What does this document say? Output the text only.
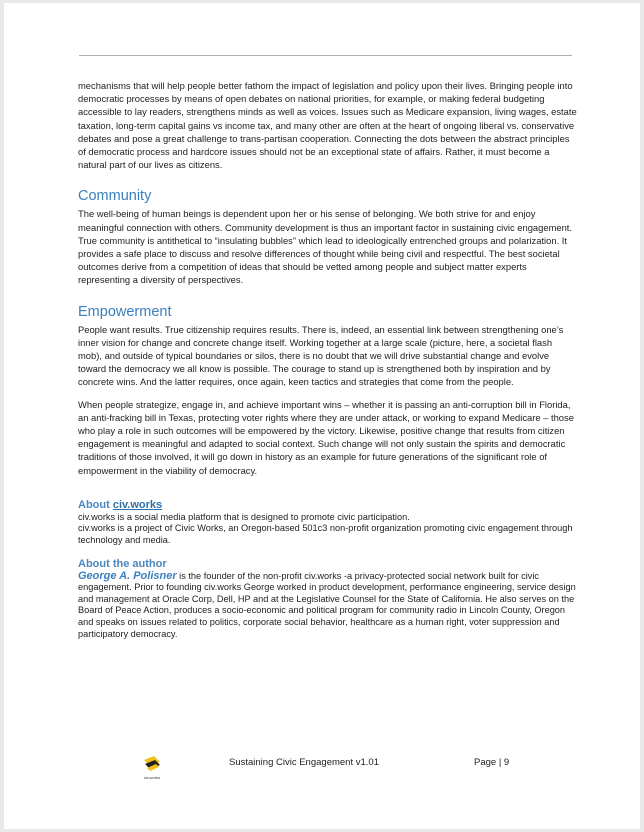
mechanisms that will help people better fathom the impact of legislation and policy upon their lives. Bringing people into democratic processes by means of open debates on national priorities, for example, or making federal budgeting accessible to lay readers, strengthens minds as well as voices. Issues such as Medicare expansion, living wages, estate taxation, long-term capital gains vs income tax, and many other are often at the heart of ongoing liberal vs. conservative debates and pose a great challenge to trans-partisan cooperation. Connecting the dots between the abstract principles of democratic process and hardcore issues should not be an exceptional state of affairs. Rather, it must become a natural part of our lives as citizens.

Community

The well-being of human beings is dependent upon her or his sense of belonging. We both strive for and enjoy meaningful connection with others. Community development is thus an important factor in sustaining civic engagement. True community is antithetical to “insulating bubbles” which lead to ideologically entrenched groups and polarization. It provides a safe place to discuss and resolve differences of thought while being civil and respectful. The best societal outcomes derive from a competition of ideas that should be vetted among people and subject matter experts representing a diversity of perspectives.

Empowerment

People want results. True citizenship requires results. There is, indeed, an essential link between strengthening one’s inner vision for change and concrete change itself. Working together at a large scale (picture, here, a societal flash mob), and outside of typical boundaries or silos, there is no doubt that we will drive substantial change and evolve toward the democracy we all know is possible. The courage to stand up is strengthened both by inspiration and by concrete wins. And the latter requires, once again, keen tactics and strategies that come from the people.

When people strategize, engage in, and achieve important wins – whether it is passing an anti-corruption bill in Florida, an anti-fracking bill in Texas, protecting voter rights where they are under attack, or working to expand Medicare – those who play a role in such outcomes will be empowered by the victory. Likewise, positive change that results from citizen engagement is meaningful and adapted to social context. Such change will not only sustain the spirits and democratic traditions of those involved, it will go down in history as an example for future generations of the significant role of empowerment in the viability of democracy.

About civ.works

civ.works is a social media platform that is designed to promote civic participation.

civ.works is a project of Civic Works, an Oregon-based 501c3 non-profit organization promoting civic engagement through technology and media.

About the author

George A. Polisner is the founder of the non-profit civ.works -a privacy-protected social network built for civic engagement. Prior to founding civ.works George worked in product development, performance engineering, service design and management at Oracle Corp, Dell, HP and at the Legislative Counsel for the State of California. He also serves on the Board of Peace Action, produces a socio-economic and political program for community radio in Lincoln County, Oregon and speaks on issues related to politics, corporate social behavior, healthcare as a human right, voter suppression and participatory democracy.

civ.works
Sustaining Civic Engagement v1.01	Page | 9
